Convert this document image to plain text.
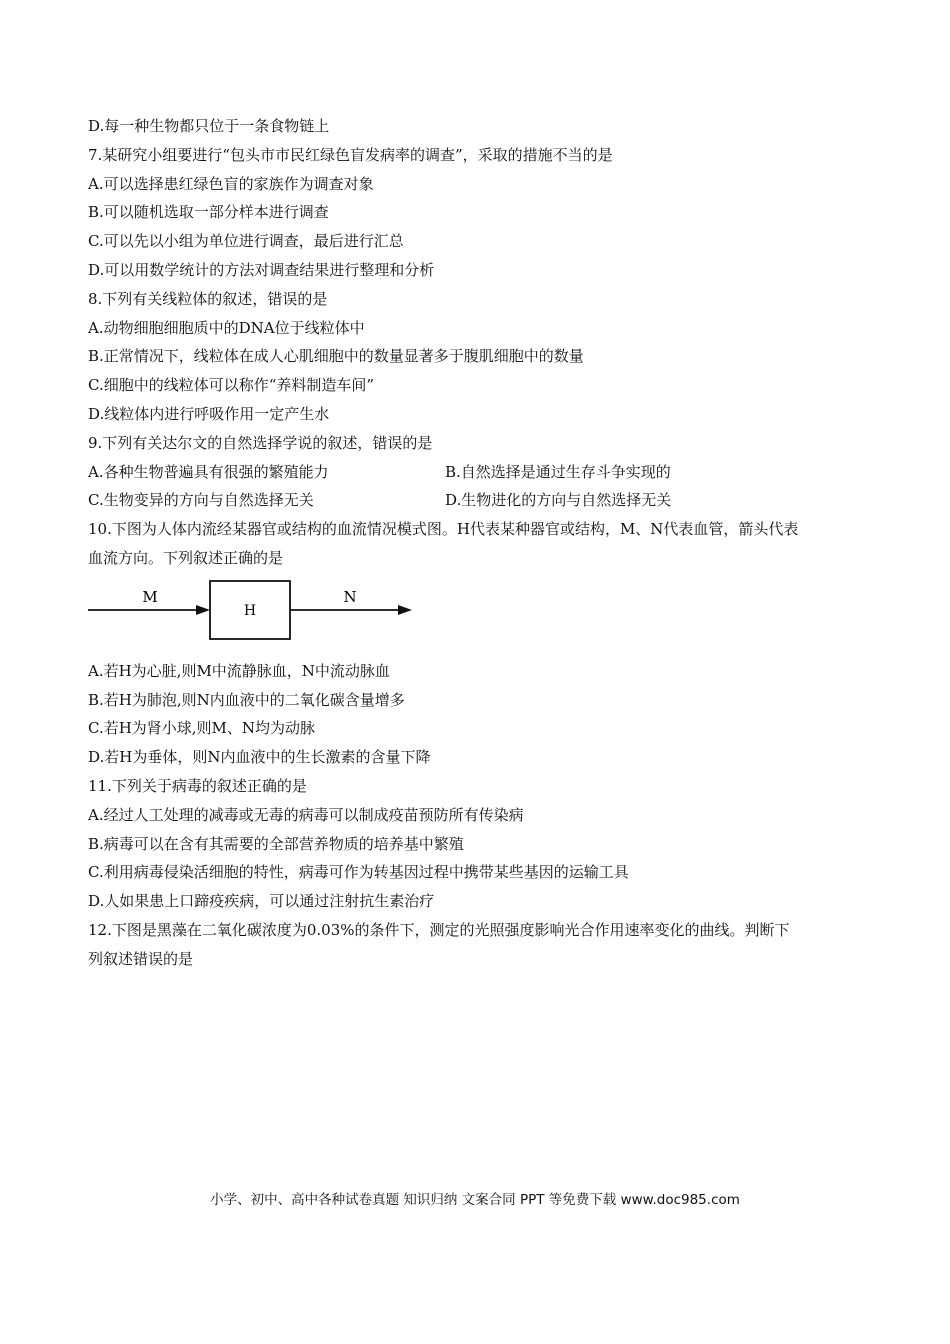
D.每一种生物都只位于一条食物链上
7.某研究小组要进行“包头市市民红绿色盲发病率的调查”，采取的措施不当的是
A.可以选择患红绿色盲的家族作为调查对象
B.可以随机选取一部分样本进行调查
C.可以先以小组为单位进行调查，最后进行汇总
D.可以用数学统计的方法对调查结果进行整理和分析
8.下列有关线粒体的叙述，错误的是
A.动物细胞细胞质中的DNA位于线粒体中
B.正常情况下，线粒体在成人心肌细胞中的数量显著多于腹肌细胞中的数量
C.细胞中的线粒体可以称作“养料制造车间”
D.线粒体内进行呼吸作用一定产生水
9.下列有关达尔文的自然选择学说的叙述，错误的是
A.各种生物普遍具有很强的繁殖能力	B.自然选择是通过生存斗争实现的
C.生物变异的方向与自然选择无关	D.生物进化的方向与自然选择无关
10.下图为人体内流经某器官或结构的血流情况模式图。H代表某种器官或结构，M、N代表血管，箭头代表
血流方向。下列叙述正确的是
M
H
N
A.若H为心脏,则M中流静脉血，N中流动脉血
B.若H为肺泡,则N内血液中的二氧化碳含量增多
C.若H为肾小球,则M、N均为动脉
D.若H为垂体，则N内血液中的生长激素的含量下降
11.下列关于病毒的叙述正确的是
A.经过人工处理的减毒或无毒的病毒可以制成疫苗预防所有传染病
B.病毒可以在含有其需要的全部营养物质的培养基中繁殖
C.利用病毒侵染活细胞的特性，病毒可作为转基因过程中携带某些基因的运输工具
D.人如果患上口蹄疫疾病，可以通过注射抗生素治疗
12.下图是黑藻在二氧化碳浓度为0.03%的条件下，测定的光照强度影响光合作用速率变化的曲线。判断下
列叙述错误的是
小学、初中、高中各种试卷真题 知识归纳 文案合同 PPT 等免费下载 www.doc985.com
